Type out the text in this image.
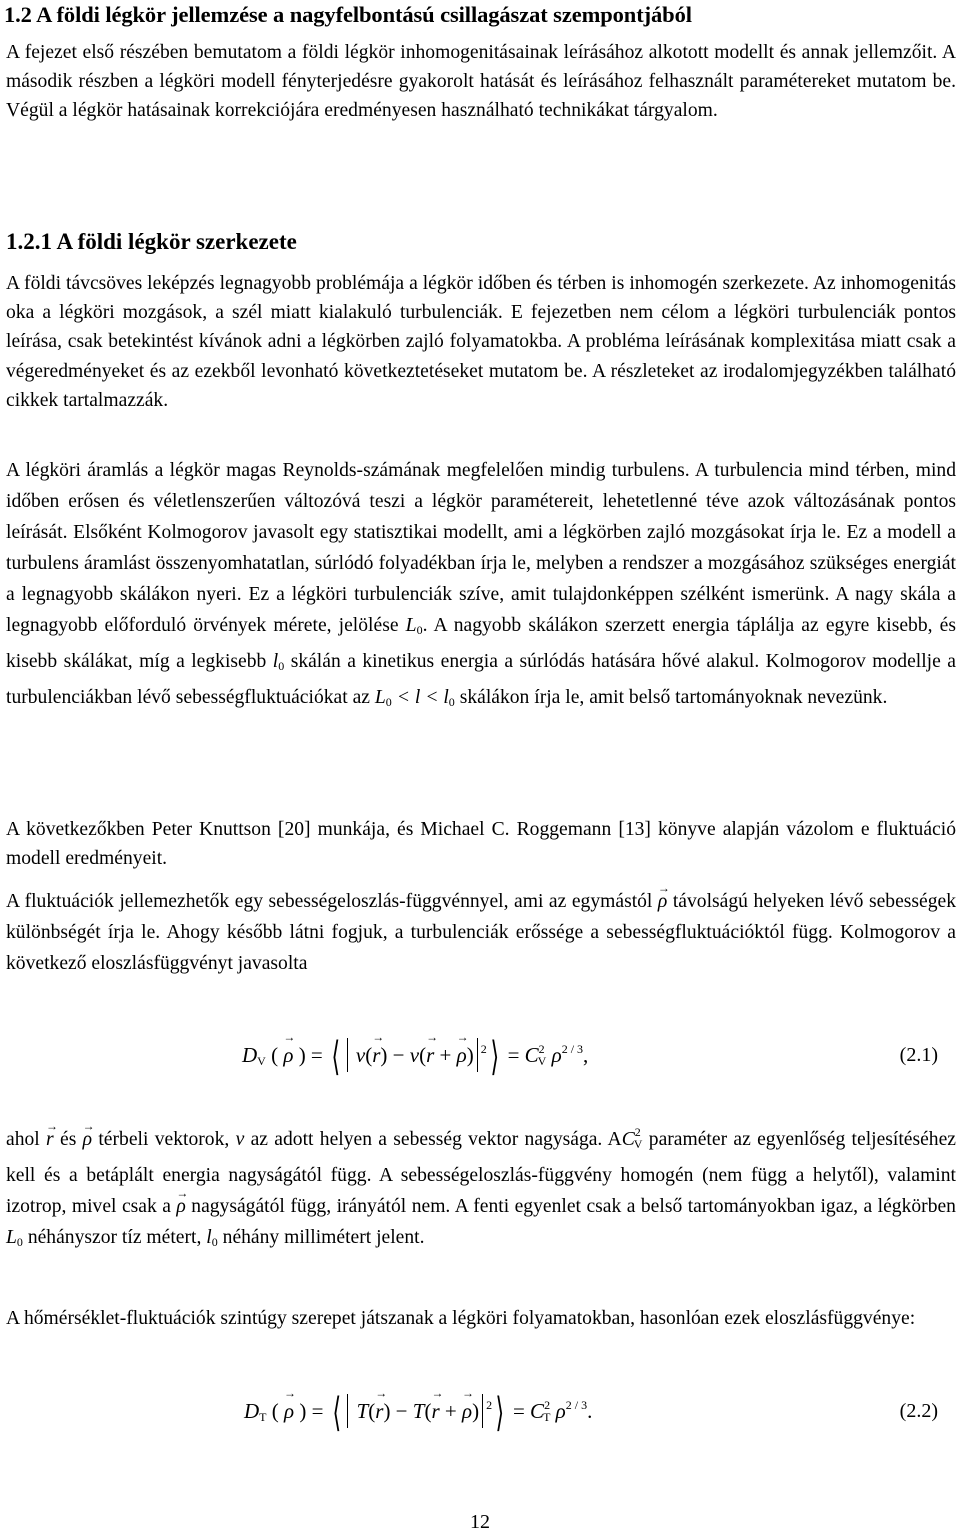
1.2 A földi légkör jellemzése a nagyfelbontású csillagászat szempontjából

A fejezet első részében bemutatom a földi légkör inhomogenitásainak leírásához alkotott modellt és annak jellemzőit. A második részben a légköri modell fényterjedésre gyakorolt hatását és leírásához felhasznált paramétereket mutatom be. Végül a légkör hatásainak korrekciójára eredményesen használható technikákat tárgyalom.

1.2.1 A földi légkör szerkezete

A földi távcsöves leképzés legnagyobb problémája a légkör időben és térben is inhomogén szerkezete. Az inhomogenitás oka a légköri mozgások, a szél miatt kialakuló turbulenciák. E fejezetben nem célom a légköri turbulenciák pontos leírása, csak betekintést kívánok adni a légkörben zajló folyamatokba. A probléma leírásának komplexitása miatt csak a végeredményeket és az ezekből levonható következtetéseket mutatom be. A részleteket az irodalomjegyzékben található cikkek tartalmazzák.

A légköri áramlás a légkör magas Reynolds-számának megfelelően mindig turbulens. A turbulencia mind térben, mind időben erősen és véletlenszerűen változóvá teszi a légkör paramétereit, lehetetlenné téve azok változásának pontos leírását. Elsőként Kolmogorov javasolt egy statisztikai modellt, ami a légkörben zajló mozgásokat írja le. Ez a modell a turbulens áramlást összenyomhatatlan, súrlódó folyadékban írja le, melyben a rendszer a mozgásához szükséges energiát a legnagyobb skálákon nyeri. Ez a légköri turbulenciák szíve, amit tulajdonképpen szélként ismerünk. A nagy skála a legnagyobb előforduló örvények mérete, jelölése $L_0$. A nagyobb skálákon szerzett energia táplálja az egyre kisebb, és kisebb skálákat, míg a legkisebb $l_0$ skálán a kinetikus energia a súrlódás hatására hővé alakul. Kolmogorov modellje a turbulenciákban lévő sebességfluktuációkat az $L_0 < l < l_0$ skálákon írja le, amit belső tartományoknak nevezünk.

A következőkben Peter Knuttson [20] munkája, és Michael C. Roggemann [13] könyve alapján vázolom e fluktuáció modell eredményeit.

A fluktuációk jellemezhetők egy sebességeloszlás-függvénnyel, ami az egymástól → ρ távolságú helyeken lévő sebességek különbségét írja le. Ahogy később látni fogjuk, a turbulenciák erőssége a sebességfluktuációktól függ. Kolmogorov a következő eloszlásfüggvényt javasolta

$D_V$ ( → ρ ) = ⟨ v(→ r) − v(→ r + → ρ) $^2$⟩ = $C^2_V$ $\rho^{2 / 3}$,	(2.1)

ahol → r és → ρ térbeli vektorok, v az adott helyen a sebesség vektor nagysága. $AC^2_V$ paraméter az egyenlőség teljesítéséhez kell és a betáplált energia nagyságától függ. A sebességeloszlás-függvény homogén (nem függ a helytől), valamint izotrop, mivel csak a → ρ nagyságától függ, irányától nem. A fenti egyenlet csak a belső tartományokban igaz, a légkörben $L_0$ néhányszor tíz métert, $l_0$ néhány millimétert jelent.

A hőmérséklet-fluktuációk szintúgy szerepet játszanak a légköri folyamatokban, hasonlóan ezek eloszlásfüggvénye:

$D_T$ ( → ρ ) = ⟨ T(→ r) − T(→ r + → ρ) $^2$⟩ = $C^2_T$ $\rho^{2 / 3}$.	(2.2)
12
